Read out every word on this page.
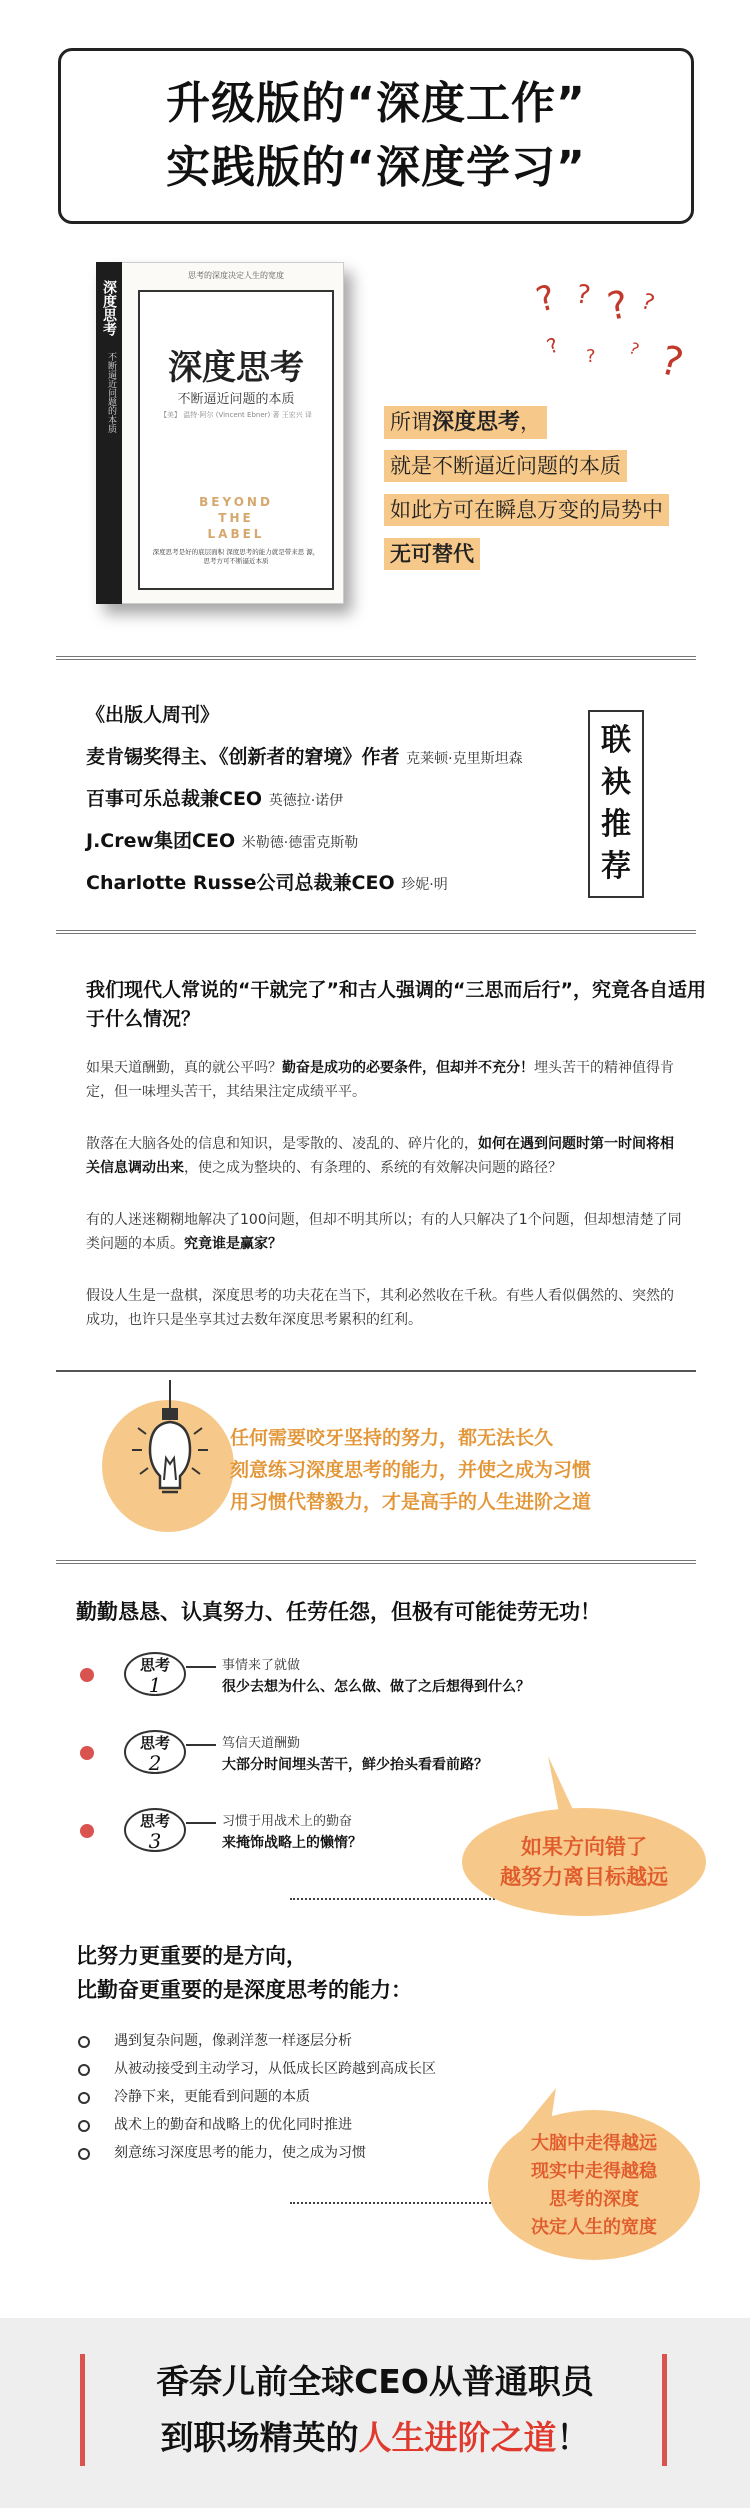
升级版的“深度工作”
实践版的“深度学习”
深度思考
不断逼近问题的本质
思考的深度决定人生的宽度
深度思考
不断逼近问题的本质
【美】 温特·阿尔 (Vincent Ebner) 著 王宏兴 译
BEYOND
THE
LABEL
深度思考是好的底层面积 深度思考的能力就是带来思 源，思考方可不断逼近本质
? ? ? ?
?
? ? ?
所谓深度思考，
就是不断逼近问题的本质
如此方可在瞬息万变的局势中
无可替代
《出版人周刊》
麦肯锡奖得主、《创新者的窘境》作者 克莱顿·克里斯坦森
百事可乐总裁兼CEO 英德拉·诺伊
J.Crew集团CEO 米勒德·德雷克斯勒
Charlotte Russe公司总裁兼CEO 珍妮·明
联
袂
推
荐
我们现代人常说的“干就完了”和古人强调的“三思而后行”，究竟各自适用于什么情况？
如果天道酬勤，真的就公平吗？勤奋是成功的必要条件，但却并不充分！埋头苦干的精神值得肯定，但一味埋头苦干，其结果注定成绩平平。
散落在大脑各处的信息和知识，是零散的、凌乱的、碎片化的，如何在遇到问题时第一时间将相关信息调动出来，使之成为整块的、有条理的、系统的有效解决问题的路径？
有的人迷迷糊糊地解决了100问题，但却不明其所以；有的人只解决了1个问题，但却想清楚了同类问题的本质。究竟谁是赢家？
假设人生是一盘棋，深度思考的功夫花在当下，其利必然收在千秋。有些人看似偶然的、突然的成功，也许只是坐享其过去数年深度思考累积的红利。
任何需要咬牙坚持的努力，都无法长久
刻意练习深度思考的能力，并使之成为习惯
用习惯代替毅力，才是高手的人生进阶之道
勤勤恳恳、认真努力、任劳任怨，但极有可能徒劳无功！
思考
1
事情来了就做
很少去想为什么、怎么做、做了之后想得到什么？
思考
2
笃信天道酬勤
大部分时间埋头苦干，鲜少抬头看看前路？
思考
3
习惯于用战术上的勤奋
来掩饰战略上的懒惰？	如果方向错了
越努力离目标越远
比努力更重要的是方向，
比勤奋更重要的是深度思考的能力：
遇到复杂问题，像剥洋葱一样逐层分析
从被动接受到主动学习，从低成长区跨越到高成长区
冷静下来，更能看到问题的本质
战术上的勤奋和战略上的优化同时推进
刻意练习深度思考的能力，使之成为习惯	大脑中走得越远
现实中走得越稳
思考的深度
决定人生的宽度
香奈儿前全球CEO从普通职员
到职场精英的人生进阶之道！
